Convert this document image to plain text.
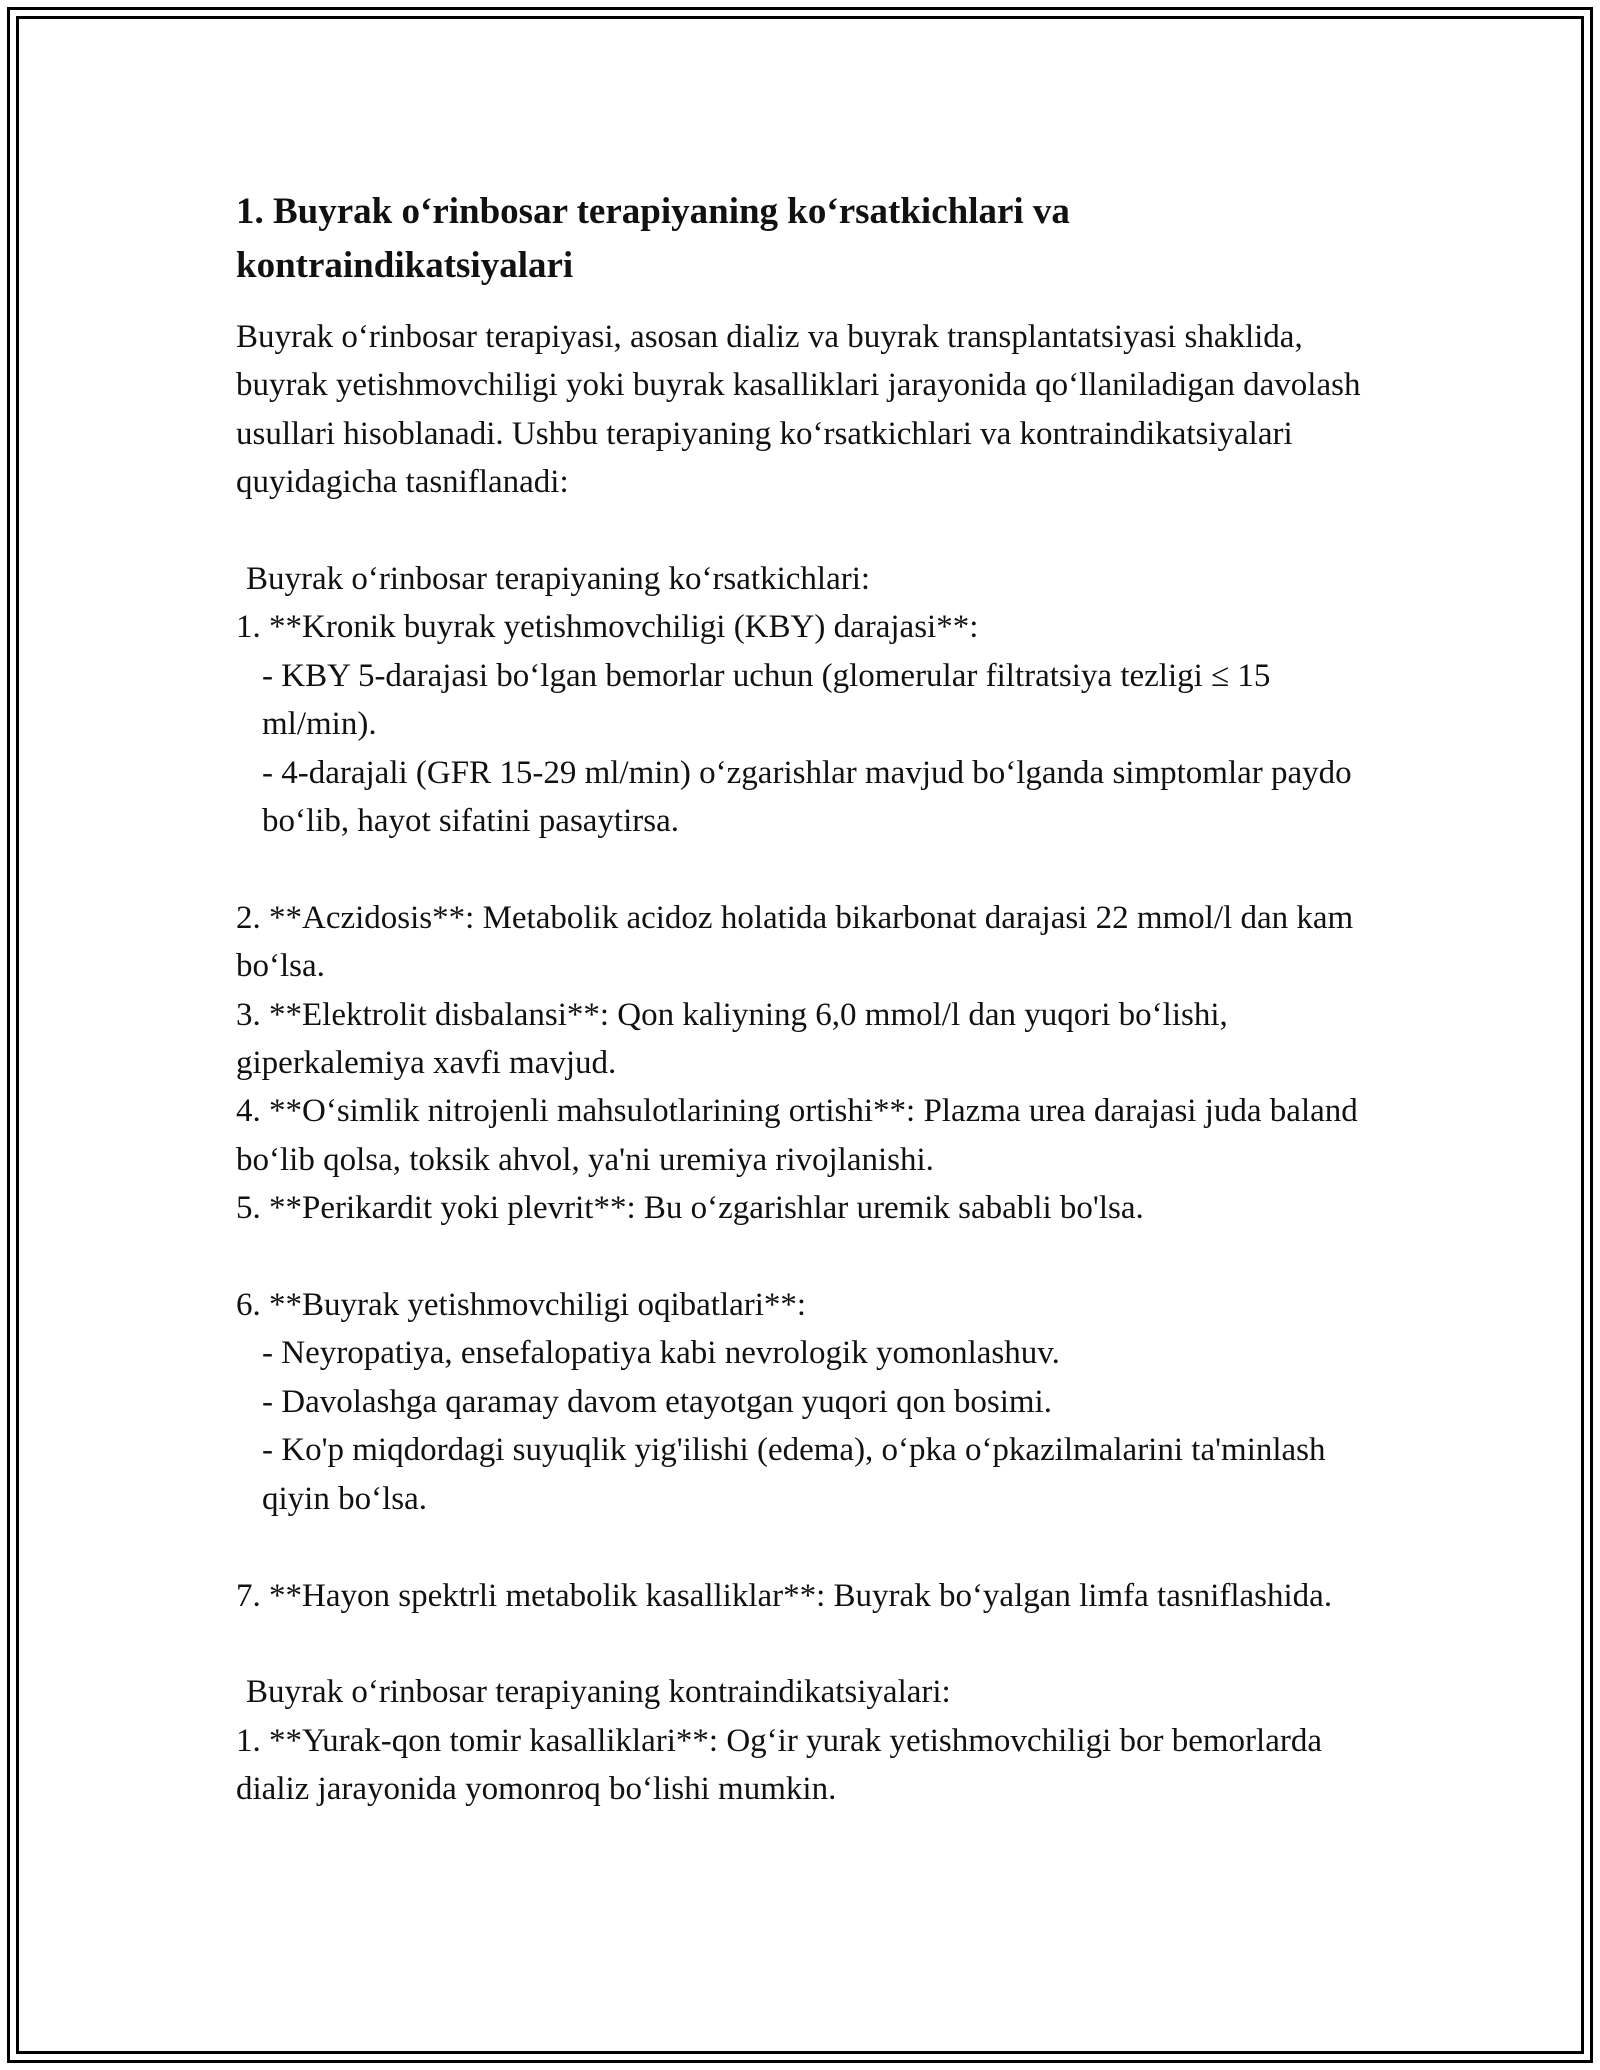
1. Buyrak o‘rinbosar terapiyaning ko‘rsatkichlari va kontraindikatsiyalari
Buyrak o‘rinbosar terapiyasi, asosan dializ va buyrak transplantatsiyasi shaklida, buyrak yetishmovchiligi yoki buyrak kasalliklari jarayonida qo‘llaniladigan davolash usullari hisoblanadi. Ushbu terapiyaning ko‘rsatkichlari va kontraindikatsiyalari quyidagicha tasniflanadi:
Buyrak o‘rinbosar terapiyaning ko‘rsatkichlari:
1. **Kronik buyrak yetishmovchiligi (KBY) darajasi**:
- KBY 5-darajasi bo‘lgan bemorlar uchun (glomerular filtratsiya tezligi ≤ 15 ml/min).
- 4-darajali (GFR 15-29 ml/min) o‘zgarishlar mavjud bo‘lganda simptomlar paydo bo‘lib, hayot sifatini pasaytirsa.
2. **Aczidosis**: Metabolik acidoz holatida bikarbonat darajasi 22 mmol/l dan kam bo‘lsa.
3. **Elektrolit disbalansi**: Qon kaliyning 6,0 mmol/l dan yuqori bo‘lishi, giperkalemiya xavfi mavjud.
4. **O‘simlik nitrojenli mahsulotlarining ortishi**: Plazma urea darajasi juda baland bo‘lib qolsa, toksik ahvol, ya'ni uremiya rivojlanishi.
5. **Perikardit yoki plevrit**: Bu o‘zgarishlar uremik sababli bo'lsa.
6. **Buyrak yetishmovchiligi oqibatlari**:
- Neyropatiya, ensefalopatiya kabi nevrologik yomonlashuv.
- Davolashga qaramay davom etayotgan yuqori qon bosimi.
- Ko'p miqdordagi suyuqlik yig'ilishi (edema), o‘pka o‘pkazilmalarini ta'minlash qiyin bo‘lsa.
7. **Hayon spektrli metabolik kasalliklar**: Buyrak bo‘yalgan limfa tasniflashida.
Buyrak o‘rinbosar terapiyaning kontraindikatsiyalari:
1. **Yurak-qon tomir kasalliklari**: Og‘ir yurak yetishmovchiligi bor bemorlarda dializ jarayonida yomonroq bo‘lishi mumkin.
